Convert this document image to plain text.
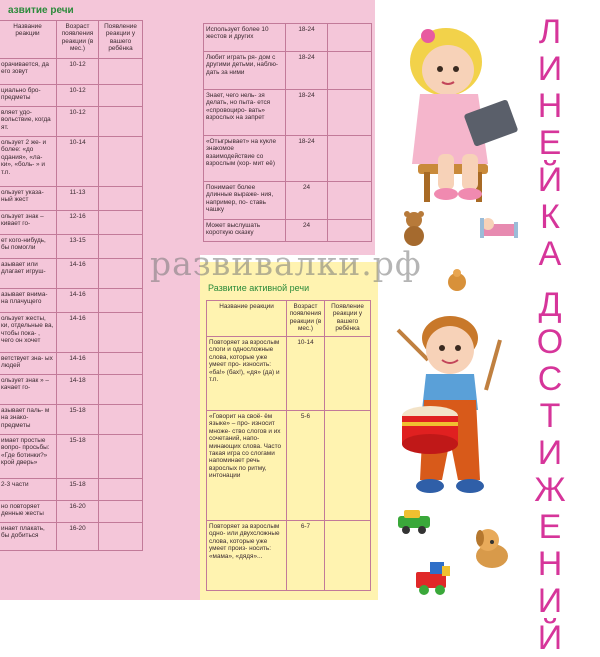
азвитие речи
Название реакции	Возраст появления реакции (в мес.)	Появление реакции у вашего ребёнка
орачивается, да его зовут	10-12	
циально бро- предметы	10-12	
вляет удо- вольствие, когда ят.	10-12	
ользует 2 же- и более: «до одания», «ла- ки», «боль- » и т.п.	10-14	
ользует указа- ный жест	11-13	
ользует знак – кивает го-	12-16	
ет кого-нибудь, бы помогли	13-15	
азывает или длагает игруш-	14-16	
азывает внима- на плачущего	14-16	
ользует жесты, ки, отдельные ва, чтобы пока- , чего он хочет	14-16	
ветствует зна- ых людей	14-16	
ользует знак » – качает го-	14-18	
азывает паль- м на знако- предметы	15-18	
имает простые вопро- просьбы: «Где ботинки?» крой дверь»	15-18	
2-3 части	15-18	
но повторяет денные жесты	16-20	
инает плакать, бы добиться	16-20	
Использует более 10 жестов и других	18-24	
Любит играть ря- дом с другими детьми, наблю- дать за ними	18-24	
Знает, чего нель- зя делать, но пыта- ется «спровоциро- вать» взрослых на запрет	18-24	
«Отыгрывает» на кукле знакомое взаимодействие со взрослым (кор- мит её)	18-24	
Понимает более длинные выраже- ния, например, по- ставь чашку	24	
Может выслушать короткую сказку	24	
Развитие активной речи
Название реакции	Возраст появления реакции (в мес.)	Появление реакции у вашего ребёнка
Повторяет за взрослым слоги и односложные слова, которые уже умеет про- износить: «ба!» (бах!), «дя» (да) и т.п.	10-14	
«Говорит на своё- ём языке» – про- износит множе- ство слогов и их сочетаний, напо- минающих слова. Часто такая игра со слогами напоминает речь взрослых по ритму, интонации	5-6	
Повторяет за взрослым одно- или двухсложные слова, которые уже умеет произ- носить: «мама», «дядя»...	6-7	
Л
И
Н
Е
Й
К
А
Д
О
С
Т
И
Ж
Е
Н
И
Й
развивалки.рф
